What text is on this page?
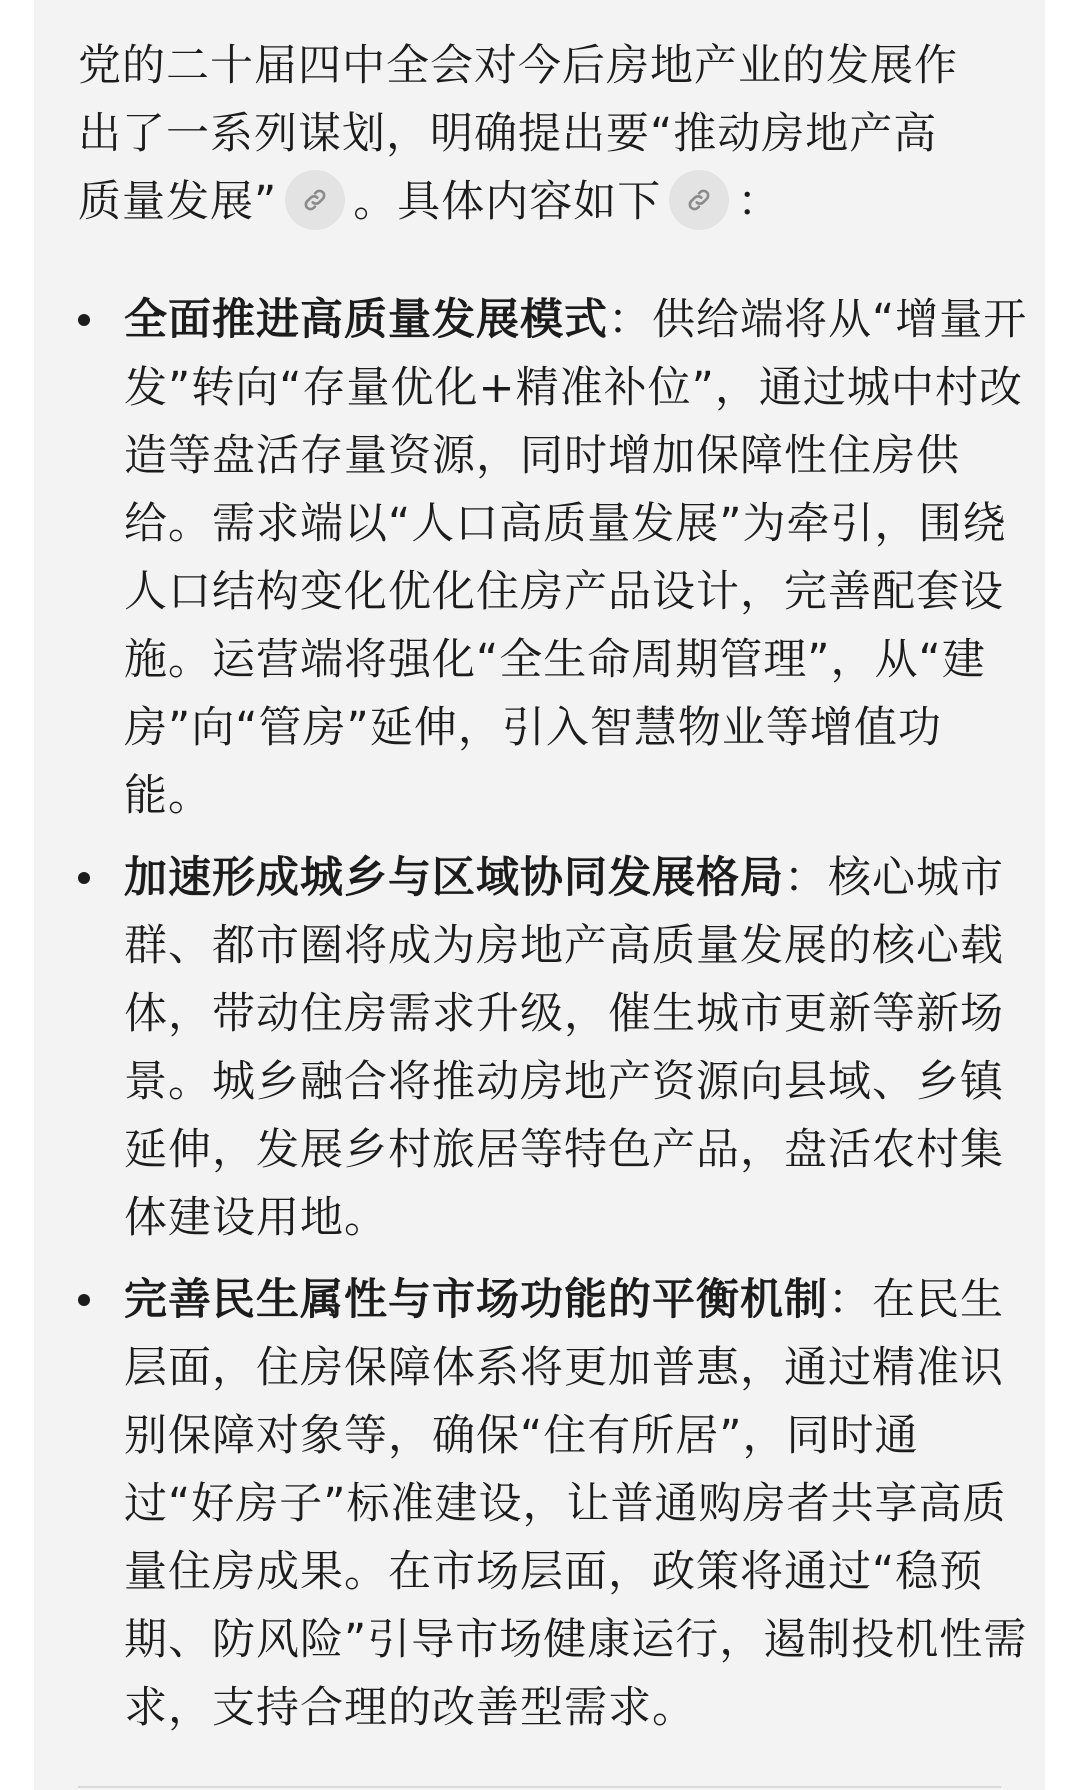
党的二十届四中全会对今后房地产业的发展作出了一系列谋划，明确提出要“推动房地产高质量发展” 。具体内容如下 ：
全面推进高质量发展模式：供给端将从“增量开发”转向“存量优化+精准补位”，通过城中村改造等盘活存量资源，同时增加保障性住房供给。需求端以“人口高质量发展”为牵引，围绕人口结构变化优化住房产品设计，完善配套设施。运营端将强化“全生命周期管理”，从“建房”向“管房”延伸，引入智慧物业等增值功能。
加速形成城乡与区域协同发展格局：核心城市群、都市圈将成为房地产高质量发展的核心载体，带动住房需求升级，催生城市更新等新场景。城乡融合将推动房地产资源向县域、乡镇延伸，发展乡村旅居等特色产品，盘活农村集体建设用地。
完善民生属性与市场功能的平衡机制：在民生层面，住房保障体系将更加普惠，通过精准识别保障对象等，确保“住有所居”，同时通过“好房子”标准建设，让普通购房者共享高质量住房成果。在市场层面，政策将通过“稳预期、防风险”引导市场健康运行，遏制投机性需求，支持合理的改善型需求。
